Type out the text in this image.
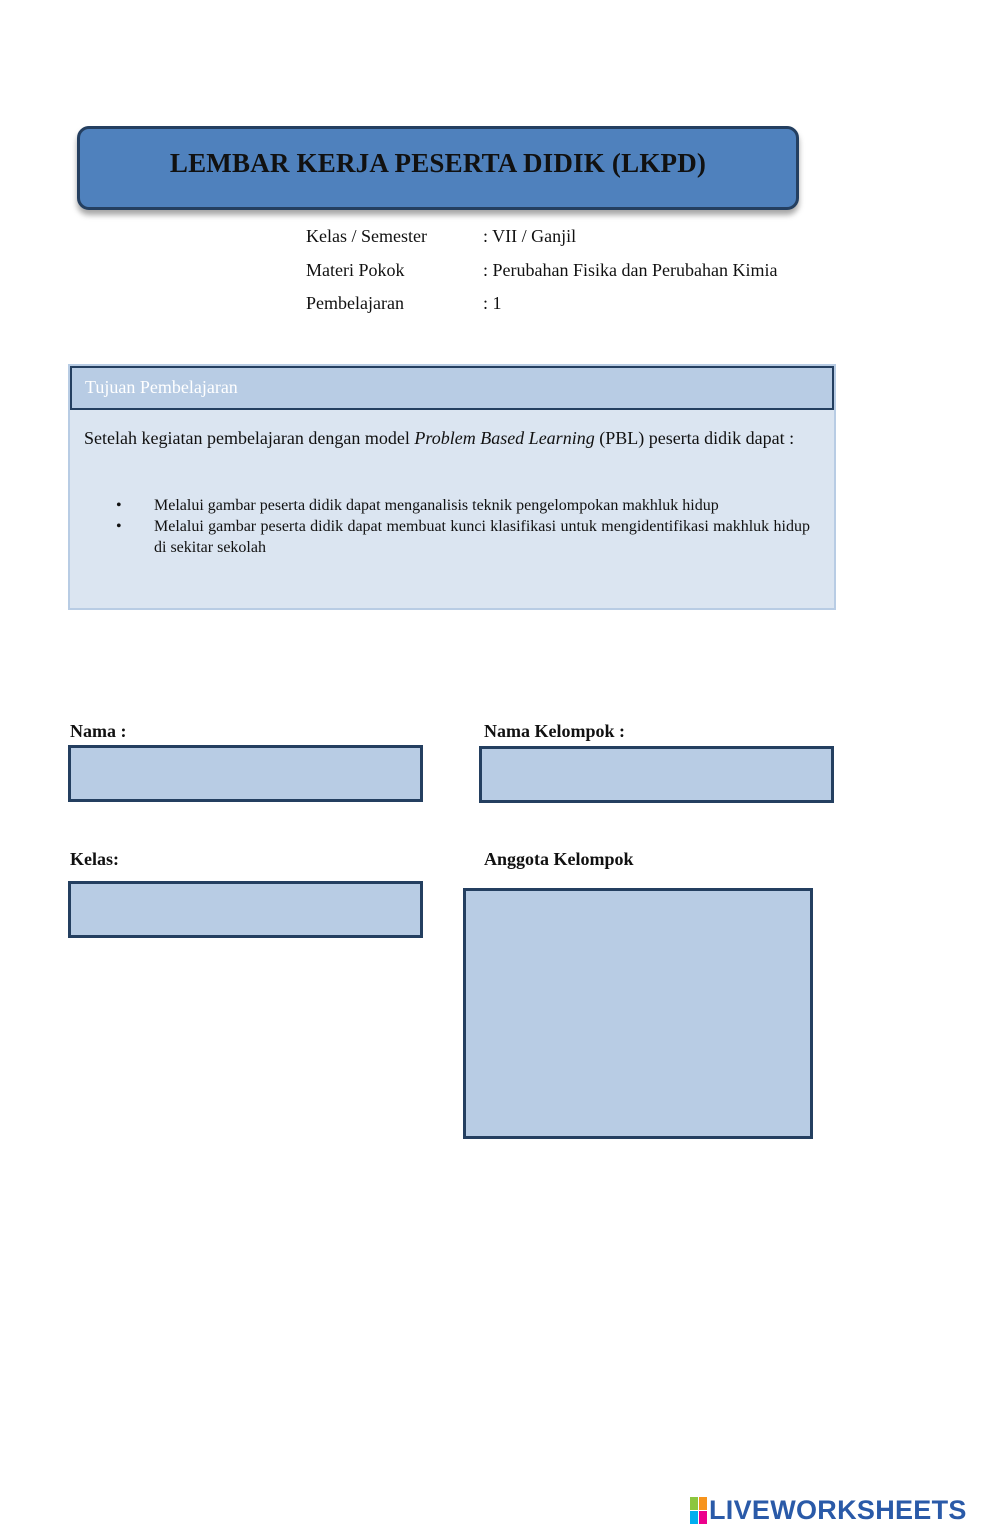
LEMBAR KERJA PESERTA DIDIK (LKPD)
Kelas / Semester	: VII / Ganjil
Materi Pokok	: Perubahan Fisika dan Perubahan Kimia
Pembelajaran	: 1
Tujuan Pembelajaran
Setelah kegiatan pembelajaran dengan model Problem Based Learning (PBL) peserta didik dapat :
• Melalui gambar peserta didik dapat menganalisis teknik pengelompokan makhluk hidup
• Melalui gambar peserta didik dapat membuat kunci klasifikasi untuk mengidentifikasi makhluk hidup di sekitar sekolah
Nama :	Nama Kelompok :
Kelas:	Anggota Kelompok
LIVEWORKSHEETS
